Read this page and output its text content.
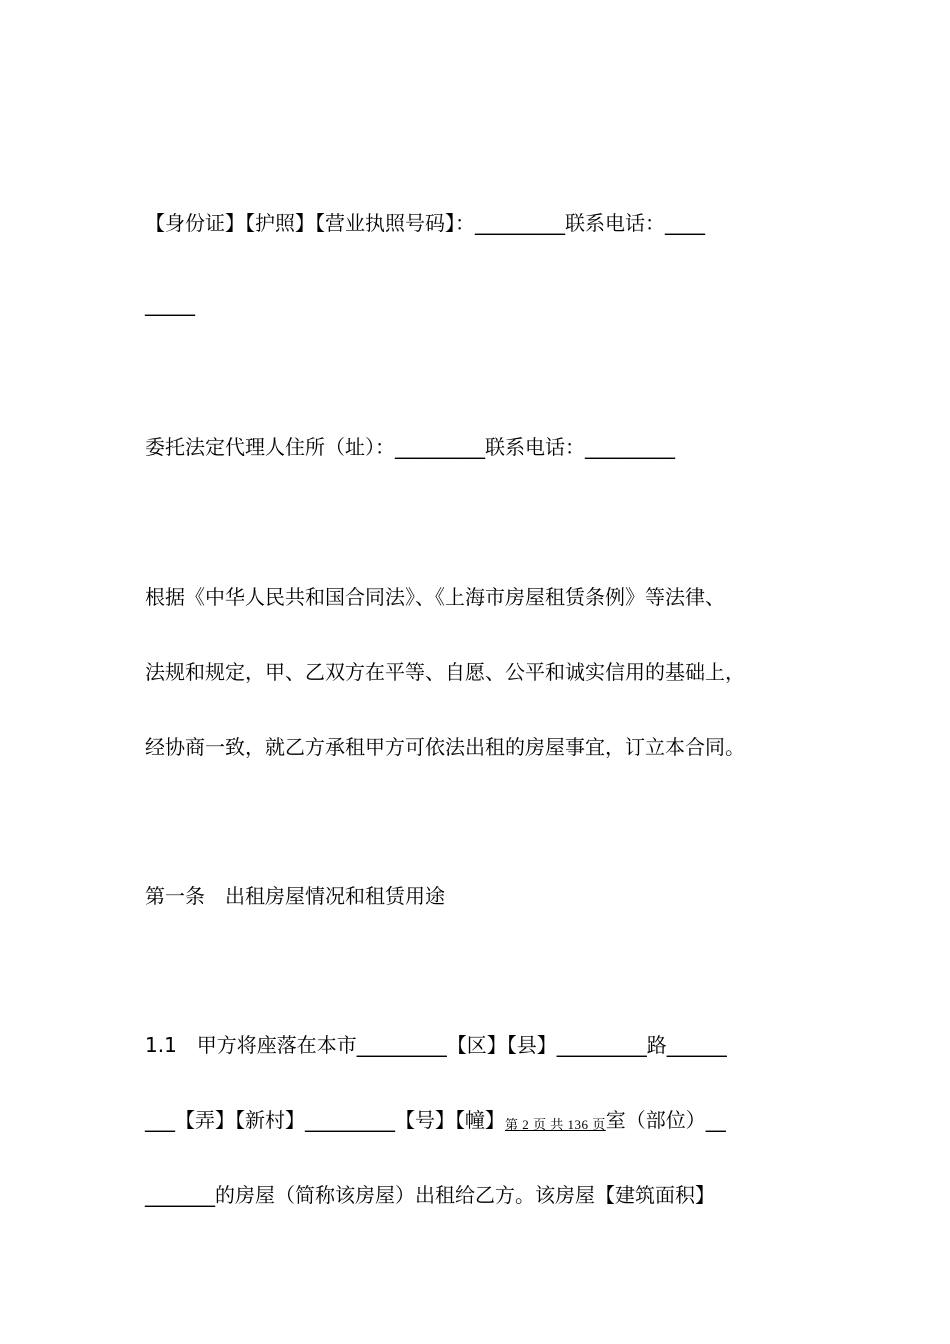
【身份证】【护照】【营业执照号码】：_________联系电话：____

_____

委托法定代理人住所（址）：_________联系电话：_________

根据《中华人民共和国合同法》、《上海市房屋租赁条例》等法律、

法规和规定，甲、乙双方在平等、自愿、公平和诚实信用的基础上，

经协商一致，就乙方承租甲方可依法出租的房屋事宜，订立本合同。

第一条　出租房屋情况和租赁用途

1.1　甲方将座落在本市_________【区】【县】_________路______

___【弄】【新村】_________【号】【幢】第 2 页 共 136 页室（部位）__

_______的房屋（简称该房屋）出租给乙方。该房屋【建筑面积】
